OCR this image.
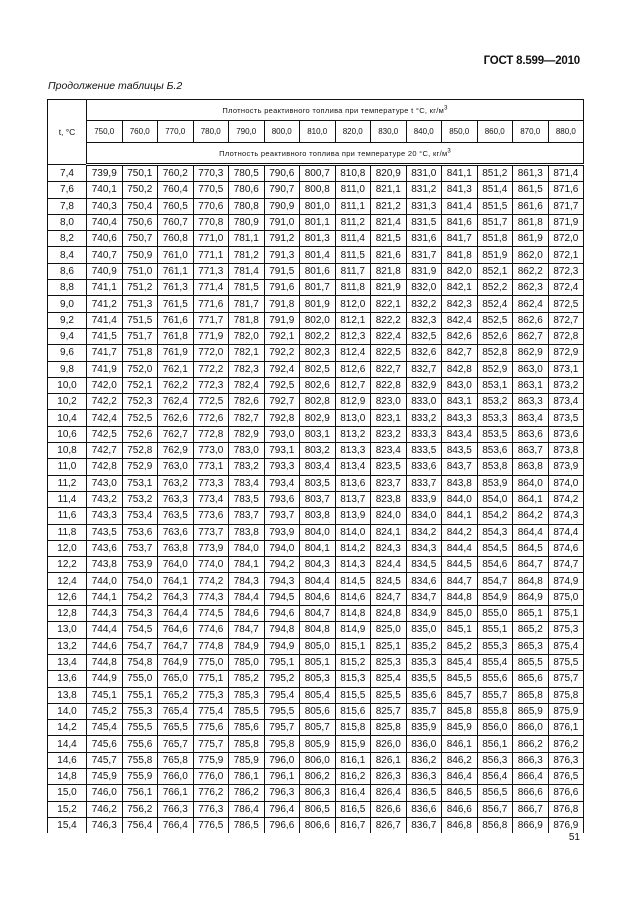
ГОСТ 8.599—2010
Продолжение таблицы Б.2
t, °С	Плотность реактивного топлива при температуре t °С, $кг/м^3$
	750,0	760,0	770,0	780,0	790,0	800,0	810,0	820,0	830,0	840,0	850,0	860,0	870,0	880,0
	Плотность реактивного топлива при температуре 20 °С, $кг/м^3$
7,4	739,9	750,1	760,2	770,3	780,5	790,6	800,7	810,8	820,9	831,0	841,1	851,2	861,3	871,4
7,6	740,1	750,2	760,4	770,5	780,6	790,7	800,8	811,0	821,1	831,2	841,3	851,4	861,5	871,6
7,8	740,3	750,4	760,5	770,6	780,8	790,9	801,0	811,1	821,2	831,3	841,4	851,5	861,6	871,7
8,0	740,4	750,6	760,7	770,8	780,9	791,0	801,1	811,2	821,4	831,5	841,6	851,7	861,8	871,9
8,2	740,6	750,7	760,8	771,0	781,1	791,2	801,3	811,4	821,5	831,6	841,7	851,8	861,9	872,0
8,4	740,7	750,9	761,0	771,1	781,2	791,3	801,4	811,5	821,6	831,7	841,8	851,9	862,0	872,1
8,6	740,9	751,0	761,1	771,3	781,4	791,5	801,6	811,7	821,8	831,9	842,0	852,1	862,2	872,3
8,8	741,1	751,2	761,3	771,4	781,5	791,6	801,7	811,8	821,9	832,0	842,1	852,2	862,3	872,4
9,0	741,2	751,3	761,5	771,6	781,7	791,8	801,9	812,0	822,1	832,2	842,3	852,4	862,4	872,5
9,2	741,4	751,5	761,6	771,7	781,8	791,9	802,0	812,1	822,2	832,3	842,4	852,5	862,6	872,7
9,4	741,5	751,7	761,8	771,9	782,0	792,1	802,2	812,3	822,4	832,5	842,6	852,6	862,7	872,8
9,6	741,7	751,8	761,9	772,0	782,1	792,2	802,3	812,4	822,5	832,6	842,7	852,8	862,9	872,9
9,8	741,9	752,0	762,1	772,2	782,3	792,4	802,5	812,6	822,7	832,7	842,8	852,9	863,0	873,1
10,0	742,0	752,1	762,2	772,3	782,4	792,5	802,6	812,7	822,8	832,9	843,0	853,1	863,1	873,2
10,2	742,2	752,3	762,4	772,5	782,6	792,7	802,8	812,9	823,0	833,0	843,1	853,2	863,3	873,4
10,4	742,4	752,5	762,6	772,6	782,7	792,8	802,9	813,0	823,1	833,2	843,3	853,3	863,4	873,5
10,6	742,5	752,6	762,7	772,8	782,9	793,0	803,1	813,2	823,2	833,3	843,4	853,5	863,6	873,6
10,8	742,7	752,8	762,9	773,0	783,0	793,1	803,2	813,3	823,4	833,5	843,5	853,6	863,7	873,8
11,0	742,8	752,9	763,0	773,1	783,2	793,3	803,4	813,4	823,5	833,6	843,7	853,8	863,8	873,9
11,2	743,0	753,1	763,2	773,3	783,4	793,4	803,5	813,6	823,7	833,7	843,8	853,9	864,0	874,0
11,4	743,2	753,2	763,3	773,4	783,5	793,6	803,7	813,7	823,8	833,9	844,0	854,0	864,1	874,2
11,6	743,3	753,4	763,5	773,6	783,7	793,7	803,8	813,9	824,0	834,0	844,1	854,2	864,2	874,3
11,8	743,5	753,6	763,6	773,7	783,8	793,9	804,0	814,0	824,1	834,2	844,2	854,3	864,4	874,4
12,0	743,6	753,7	763,8	773,9	784,0	794,0	804,1	814,2	824,3	834,3	844,4	854,5	864,5	874,6
12,2	743,8	753,9	764,0	774,0	784,1	794,2	804,3	814,3	824,4	834,5	844,5	854,6	864,7	874,7
12,4	744,0	754,0	764,1	774,2	784,3	794,3	804,4	814,5	824,5	834,6	844,7	854,7	864,8	874,9
12,6	744,1	754,2	764,3	774,3	784,4	794,5	804,6	814,6	824,7	834,7	844,8	854,9	864,9	875,0
12,8	744,3	754,3	764,4	774,5	784,6	794,6	804,7	814,8	824,8	834,9	845,0	855,0	865,1	875,1
13,0	744,4	754,5	764,6	774,6	784,7	794,8	804,8	814,9	825,0	835,0	845,1	855,1	865,2	875,3
13,2	744,6	754,7	764,7	774,8	784,9	794,9	805,0	815,1	825,1	835,2	845,2	855,3	865,3	875,4
13,4	744,8	754,8	764,9	775,0	785,0	795,1	805,1	815,2	825,3	835,3	845,4	855,4	865,5	875,5
13,6	744,9	755,0	765,0	775,1	785,2	795,2	805,3	815,3	825,4	835,5	845,5	855,6	865,6	875,7
13,8	745,1	755,1	765,2	775,3	785,3	795,4	805,4	815,5	825,5	835,6	845,7	855,7	865,8	875,8
14,0	745,2	755,3	765,4	775,4	785,5	795,5	805,6	815,6	825,7	835,7	845,8	855,8	865,9	875,9
14,2	745,4	755,5	765,5	775,6	785,6	795,7	805,7	815,8	825,8	835,9	845,9	856,0	866,0	876,1
14,4	745,6	755,6	765,7	775,7	785,8	795,8	805,9	815,9	826,0	836,0	846,1	856,1	866,2	876,2
14,6	745,7	755,8	765,8	775,9	785,9	796,0	806,0	816,1	826,1	836,2	846,2	856,3	866,3	876,3
14,8	745,9	755,9	766,0	776,0	786,1	796,1	806,2	816,2	826,3	836,3	846,4	856,4	866,4	876,5
15,0	746,0	756,1	766,1	776,2	786,2	796,3	806,3	816,4	826,4	836,5	846,5	856,5	866,6	876,6
15,2	746,2	756,2	766,3	776,3	786,4	796,4	806,5	816,5	826,6	836,6	846,6	856,7	866,7	876,8
15,4	746,3	756,4	766,4	776,5	786,5	796,6	806,6	816,7	826,7	836,7	846,8	856,8	866,9	876,9
51
